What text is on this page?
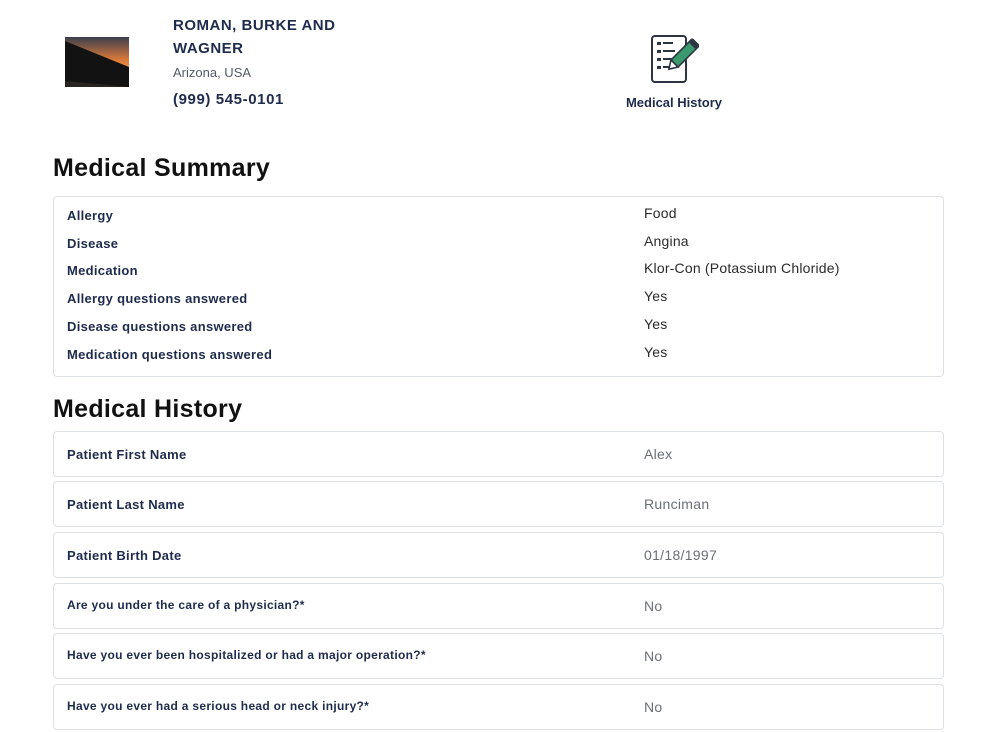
ROMAN, BURKE AND WAGNER
Arizona, USA
(999) 545-0101	Medical History
Medical Summary
Allergy	Food
Disease	Angina
Medication	Klor-Con (Potassium Chloride)
Allergy questions answered	Yes
Disease questions answered	Yes
Medication questions answered	Yes
Medical History
Patient First Name	Alex
Patient Last Name	Runciman
Patient Birth Date	01/18/1997
Are you under the care of a physician?*	No
Have you ever been hospitalized or had a major operation?*	No
Have you ever had a serious head or neck injury?*	No
